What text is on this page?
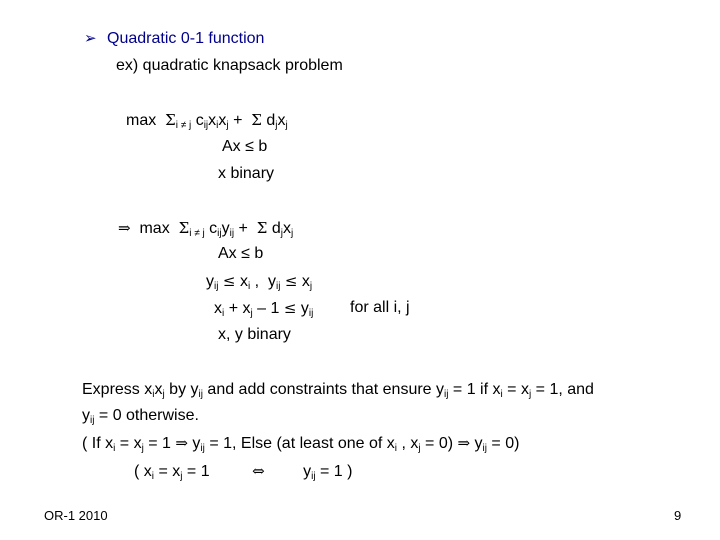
➢ Quadratic 0-1 function
ex) quadratic knapsack problem
$\max \Sigma_{i \ne j}$ $c_{ij}x_ix_j + \Sigma$ $d_jx_j$
Ax ≤ b
x binary
⇒ $\max \Sigma_{i \ne j}$ $c_{ij}y_{ij} + \Sigma$ $d_jx_j$
Ax ≤ b
$y_{ij} \le x_i$ , $y_{ij} \le x_j$
$x_i + x_j - 1 \le y_{ij}$ for all i, j
x, y binary
Express $x_ix_j$ by $y_{ij}$ and add constraints that ensure $y_{ij} = 1$ if $x_i = x_j = 1$, and
$y_{ij} = 0$ otherwise.
( If $x_i = x_j = 1$ ⇒ $y_{ij} = 1$, Else (at least one of $x_i$ , $x_j = 0$) ⇒ $y_{ij} = 0$)
( $x_i = x_j = 1$	⇔ $y_{ij} = 1$ )
OR-1 2010	9
